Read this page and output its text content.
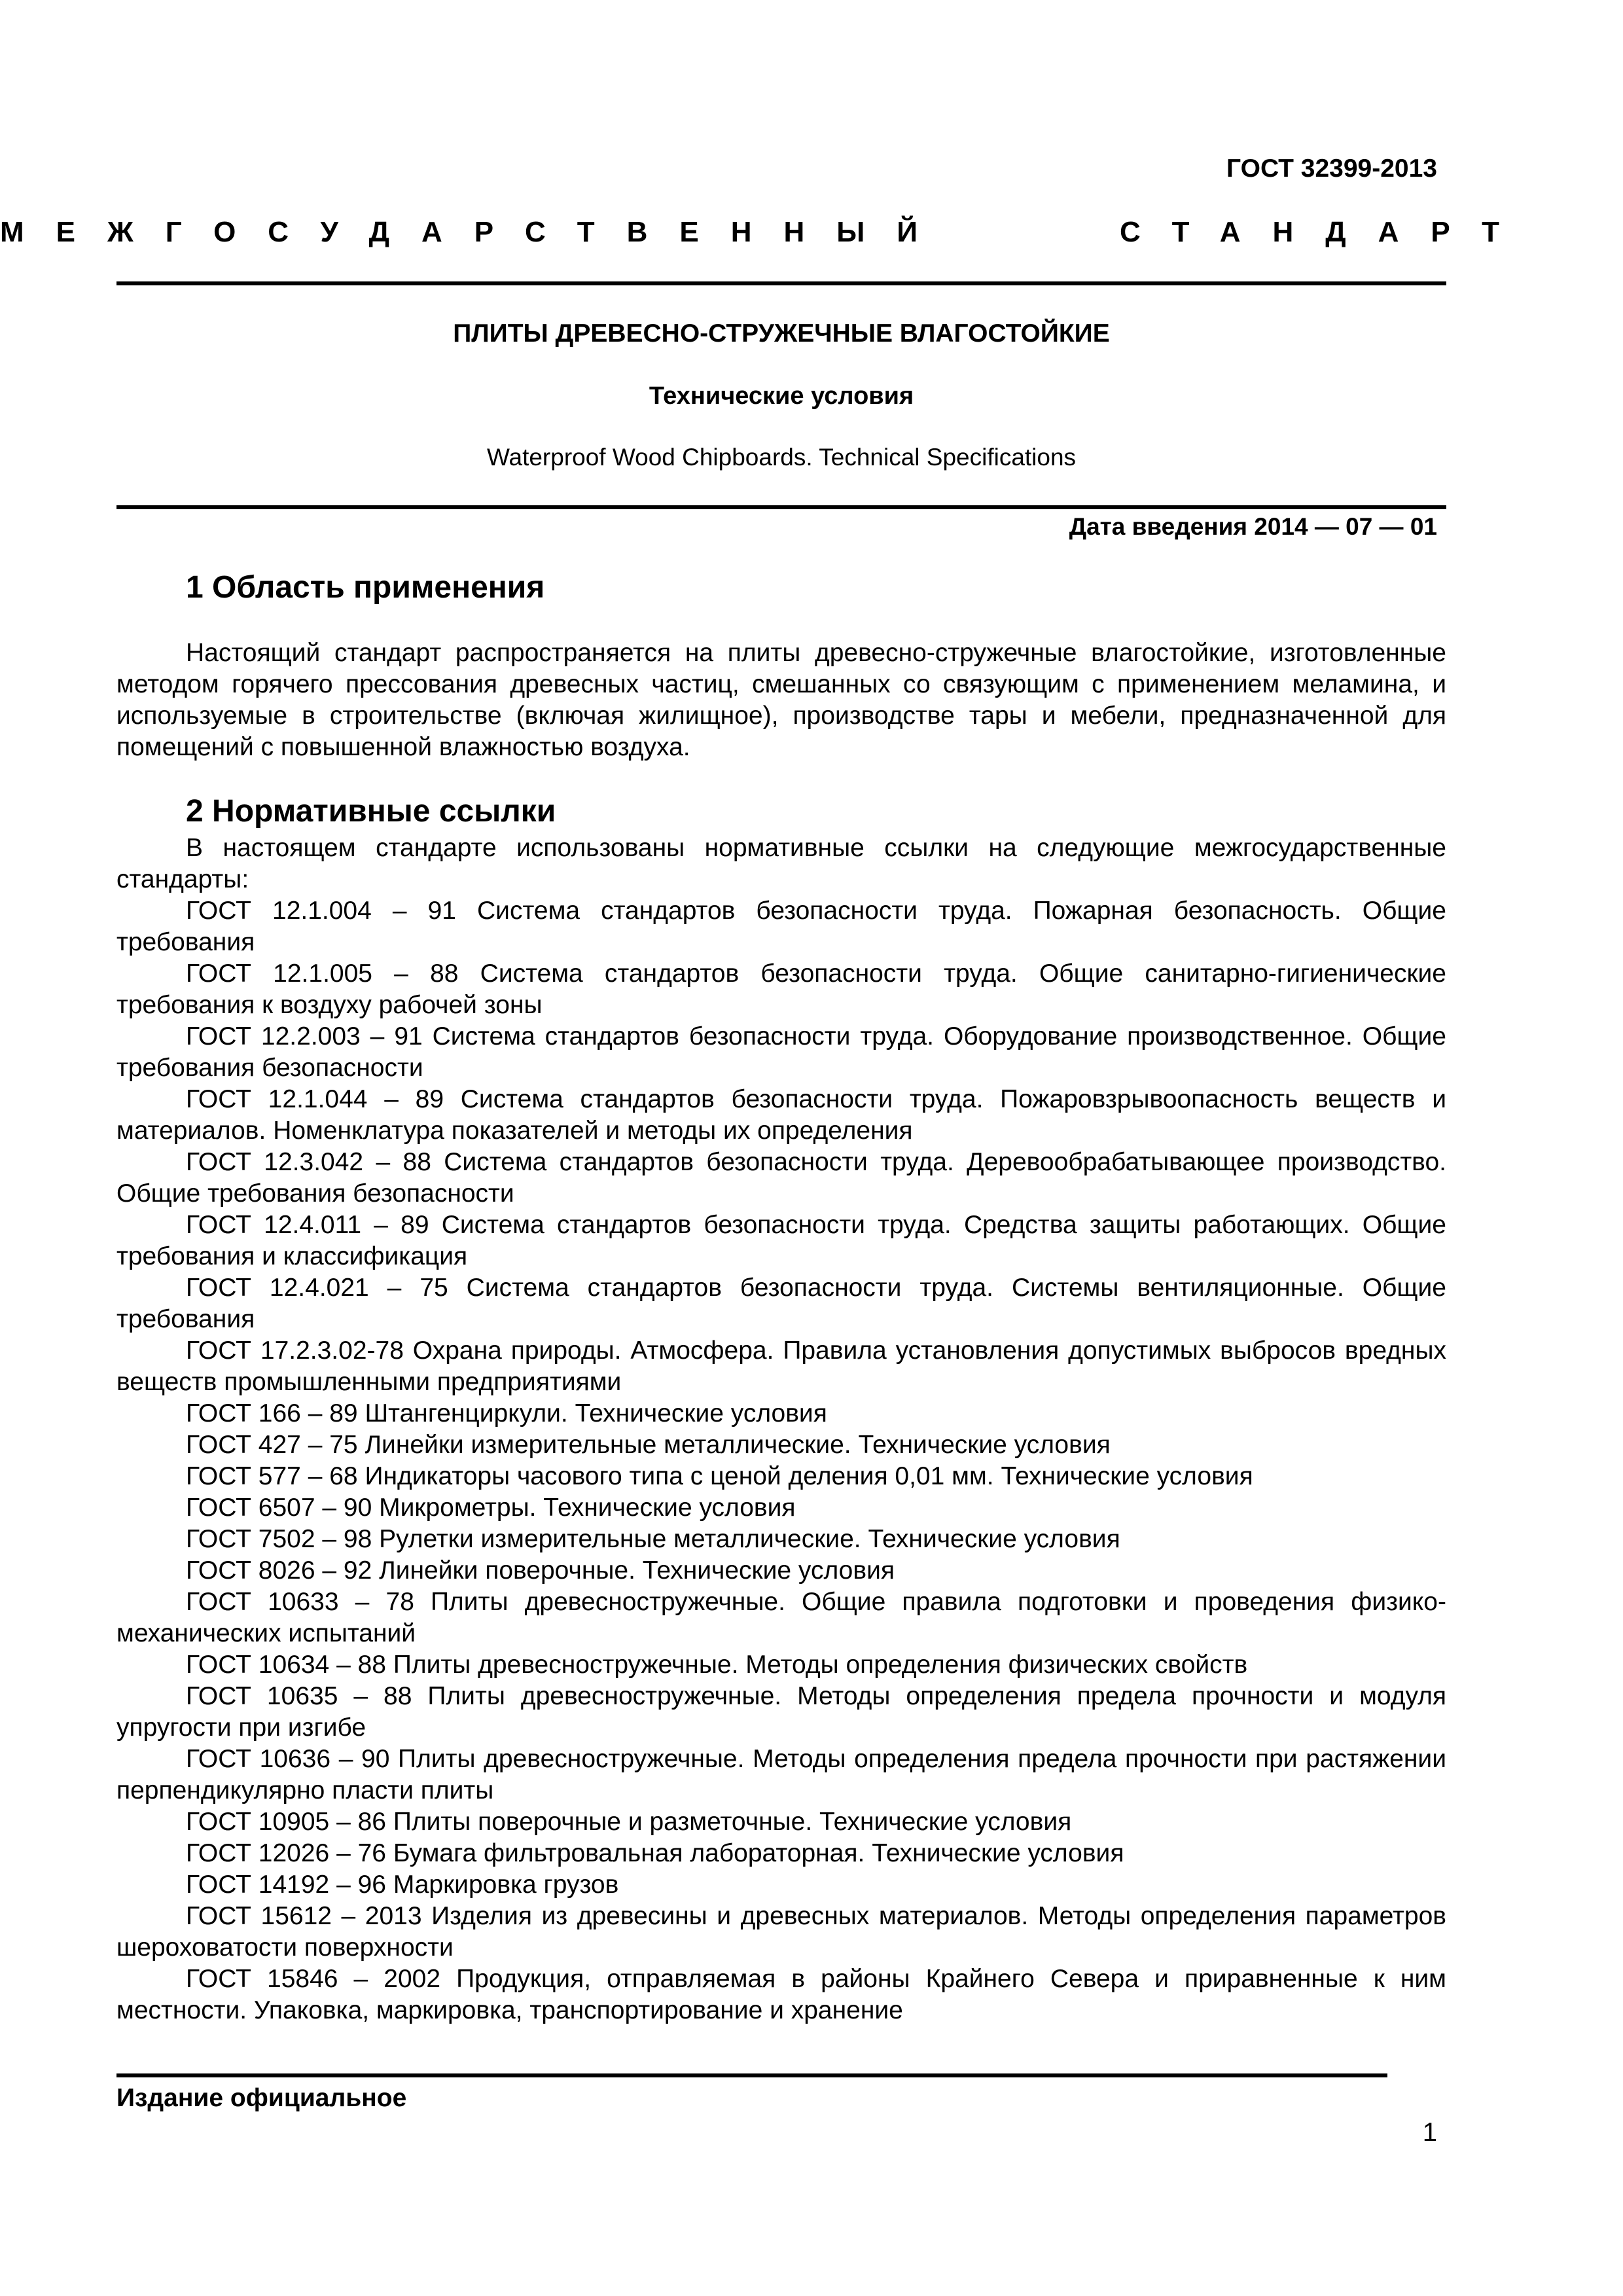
ГОСТ 32399-2013
МЕЖГОСУДАРСТВЕННЫЙ	СТАНДАРТ
ПЛИТЫ ДРЕВЕСНО-СТРУЖЕЧНЫЕ ВЛАГОСТОЙКИЕ
Технические условия
Waterproof Wood Chipboards. Technical Specifications
Дата введения 2014 — 07 — 01
1 Область применения
Настоящий стандарт распространяется на плиты древесно-стружечные влагостойкие, изготовленные методом горячего прессования древесных частиц, смешанных со связующим с применением меламина, и используемые в строительстве (включая жилищное), производстве тары и мебели, предназначенной для помещений с повышенной влажностью воздуха.
2 Нормативные ссылки

В настоящем стандарте использованы нормативные ссылки на следующие межгосударственные стандарты:

ГОСТ 12.1.004 – 91 Система стандартов безопасности труда. Пожарная безопасность. Общие требования

ГОСТ 12.1.005 – 88 Система стандартов безопасности труда. Общие санитарно-гигиенические требования к воздуху рабочей зоны

ГОСТ 12.2.003 – 91 Система стандартов безопасности труда. Оборудование производственное. Общие требования безопасности

ГОСТ 12.1.044 – 89 Система стандартов безопасности труда. Пожаровзрывоопасность веществ и материалов. Номенклатура показателей и методы их определения

ГОСТ 12.3.042 – 88 Система стандартов безопасности труда. Деревообрабатывающее производство. Общие требования безопасности

ГОСТ 12.4.011 – 89 Система стандартов безопасности труда. Средства защиты работающих. Общие требования и классификация

ГОСТ 12.4.021 – 75 Система стандартов безопасности труда. Системы вентиляционные. Общие требования

ГОСТ 17.2.3.02-78 Охрана природы. Атмосфера. Правила установления допустимых выбросов вредных веществ промышленными предприятиями

ГОСТ 166 – 89 Штангенциркули. Технические условия

ГОСТ 427 – 75 Линейки измерительные металлические. Технические условия

ГОСТ 577 – 68 Индикаторы часового типа с ценой деления 0,01 мм. Технические условия

ГОСТ 6507 – 90 Микрометры. Технические условия

ГОСТ 7502 – 98 Рулетки измерительные металлические. Технические условия

ГОСТ 8026 – 92 Линейки поверочные. Технические условия

ГОСТ 10633 – 78 Плиты древесностружечные. Общие правила подготовки и проведения физико-механических испытаний

ГОСТ 10634 – 88 Плиты древесностружечные. Методы определения физических свойств

ГОСТ 10635 – 88 Плиты древесностружечные. Методы определения предела прочности и модуля упругости при изгибе

ГОСТ 10636 – 90 Плиты древесностружечные. Методы определения предела прочности при растяжении перпендикулярно пласти плиты

ГОСТ 10905 – 86 Плиты поверочные и разметочные. Технические условия

ГОСТ 12026 – 76 Бумага фильтровальная лабораторная. Технические условия

ГОСТ 14192 – 96 Маркировка грузов

ГОСТ 15612 – 2013 Изделия из древесины и древесных материалов. Методы определения параметров шероховатости поверхности

ГОСТ 15846 – 2002 Продукция, отправляемая в районы Крайнего Севера и приравненные к ним местности. Упаковка, маркировка, транспортирование и хранение

Издание официальное
1
